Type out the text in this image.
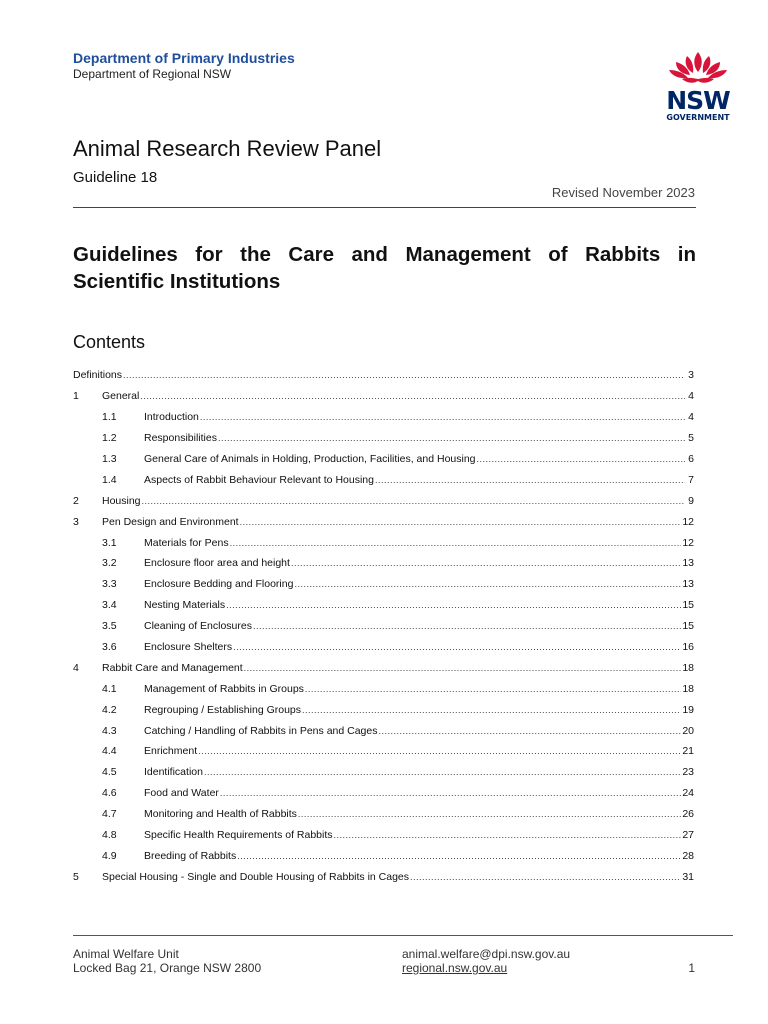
Department of Primary Industries
Department of Regional NSW
NSW
GOVERNMENT
Animal Research Review Panel
Guideline 18
Revised November 2023
Guidelines for the Care and Management of Rabbits in Scientific Institutions
Contents
Definitions .....	3
1 General .....	4
1.1	Introduction .....	4
1.2	Responsibilities .....	5
1.3	General Care of Animals in Holding, Production, Facilities, and Housing .....	6
1.4	Aspects of Rabbit Behaviour Relevant to Housing .....	7
2 Housing .....	9
3 Pen Design and Environment .....	12
3.1	Materials for Pens .....	12
3.2	Enclosure floor area and height .....	13
3.3	Enclosure Bedding and Flooring .....	13
3.4	Nesting Materials .....	15
3.5	Cleaning of Enclosures .....	15
3.6	Enclosure Shelters .....	16
4 Rabbit Care and Management .....	18
4.1	Management of Rabbits in Groups .....	18
4.2	Regrouping / Establishing Groups .....	19
4.3	Catching / Handling of Rabbits in Pens and Cages .....	20
4.4	Enrichment .....	21
4.5	Identification .....	23
4.6	Food and Water .....	24
4.7	Monitoring and Health of Rabbits .....	26
4.8	Specific Health Requirements of Rabbits .....	27
4.9	Breeding of Rabbits .....	28
5 Special Housing - Single and Double Housing of Rabbits in Cages .....	31
Animal Welfare Unit
Locked Bag 21, Orange NSW 2800
animal.welfare@dpi.nsw.gov.au
regional.nsw.gov.au	1
